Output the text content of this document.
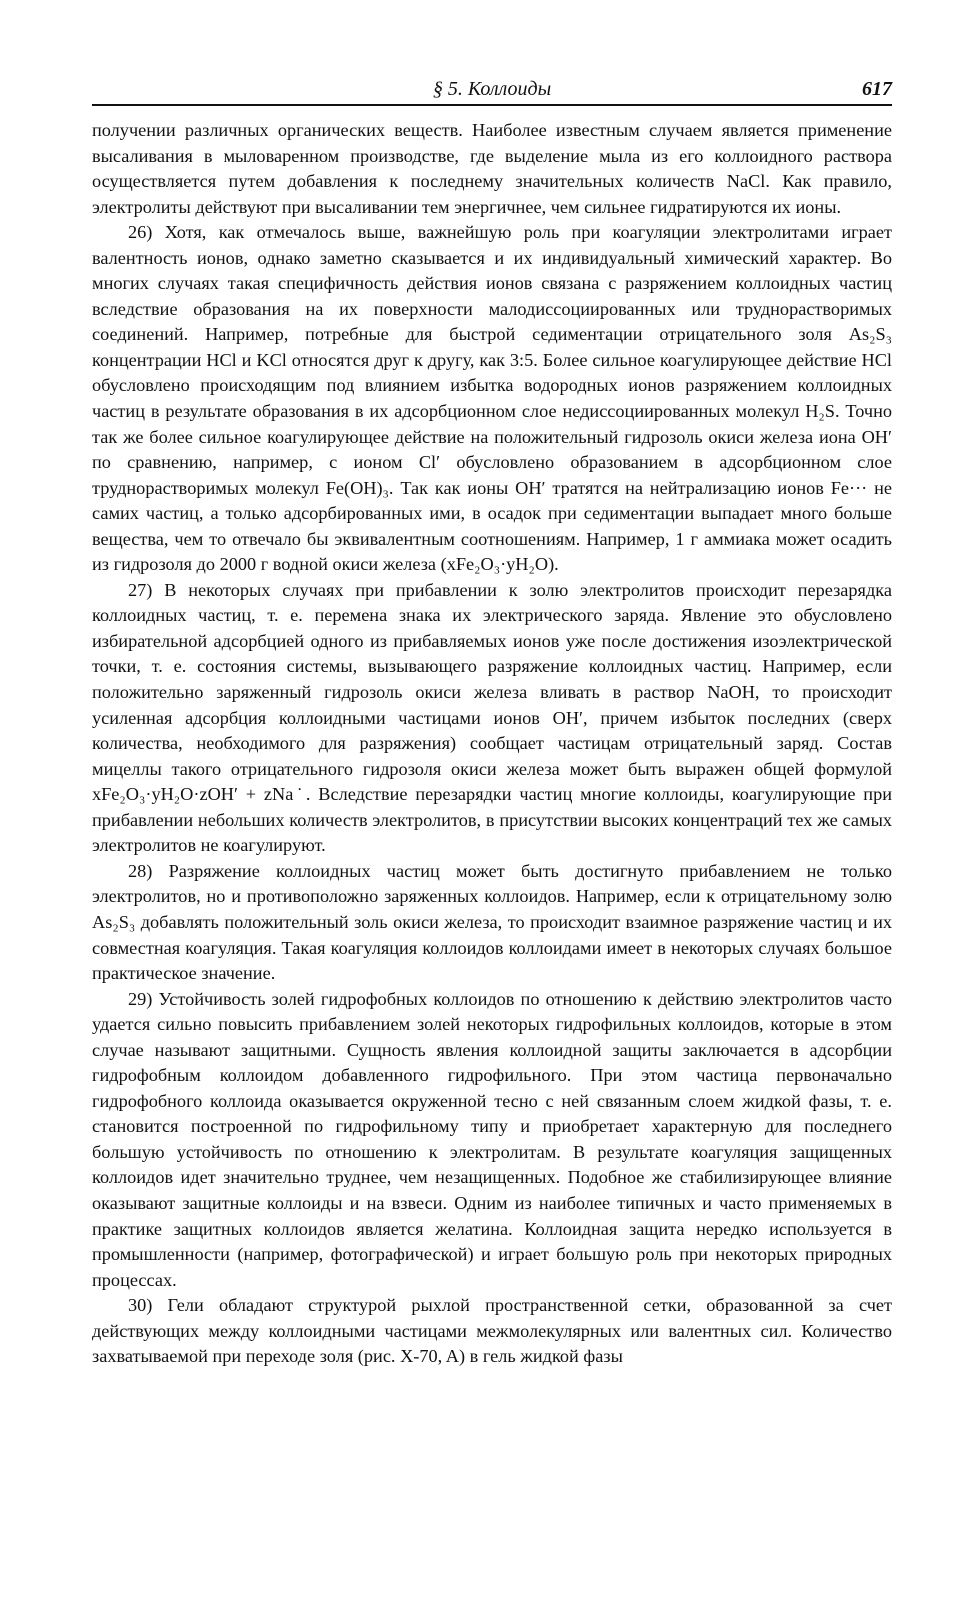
§ 5. Коллоиды	617

получении различных органических веществ. Наиболее известным случаем является применение высаливания в мыловаренном производстве, где выделение мыла из его коллоидного раствора осуществляется путем добавления к последнему значительных количеств NaCl. Как правило, электролиты действуют при высаливании тем энергичнее, чем сильнее гидратируются их ионы.

26) Хотя, как отмечалось выше, важнейшую роль при коагуляции электролитами играет валентность ионов, однако заметно сказывается и их индивидуальный химический характер. Во многих случаях такая специфичность действия ионов связана с разряжением коллоидных частиц вследствие образования на их поверхности малодиссоциированных или труднорастворимых соединений. Например, потребные для быстрой седиментации отрицательного золя As₂S₃ концентрации HCl и KCl относятся друг к другу, как 3:5. Более сильное коагулирующее действие HCl обусловлено происходящим под влиянием избытка водородных ионов разряжением коллоидных частиц в результате образования в их адсорбционном слое недиссоциированных молекул H₂S. Точно так же более сильное коагулирующее действие на положительный гидрозоль окиси железа иона OH′ по сравнению, например, с ионом Cl′ обусловлено образованием в адсорбционном слое труднорастворимых молекул Fe(OH)₃. Так как ионы OH′ тратятся на нейтрализацию ионов Fe··· не самих частиц, а только адсорбированных ими, в осадок при седиментации выпадает много больше вещества, чем то отвечало бы эквивалентным соотношениям. Например, 1 г аммиака может осадить из гидрозоля до 2000 г водной окиси железа (xFe₂O₃·yH₂O).

27) В некоторых случаях при прибавлении к золю электролитов происходит перезарядка коллоидных частиц, т. е. перемена знака их электрического заряда. Явление это обусловлено избирательной адсорбцией одного из прибавляемых ионов уже после достижения изоэлектрической точки, т. е. состояния системы, вызывающего разряжение коллоидных частиц. Например, если положительно заряженный гидрозоль окиси железа вливать в раствор NaOH, то происходит усиленная адсорбция коллоидными частицами ионов OH′, причем избыток последних (сверх количества, необходимого для разряжения) сообщает частицам отрицательный заряд. Состав мицеллы такого отрицательного гидрозоля окиси железа может быть выражен общей формулой xFe₂O₃·yH₂O·zOH′ + zNa˙. Вследствие перезарядки частиц многие коллоиды, коагулирующие при прибавлении небольших количеств электролитов, в присутствии высоких концентраций тех же самых электролитов не коагулируют.

28) Разряжение коллоидных частиц может быть достигнуто прибавлением не только электролитов, но и противоположно заряженных коллоидов. Например, если к отрицательному золю As₂S₃ добавлять положительный золь окиси железа, то происходит взаимное разряжение частиц и их совместная коагуляция. Такая коагуляция коллоидов коллоидами имеет в некоторых случаях большое практическое значение.

29) Устойчивость золей гидрофобных коллоидов по отношению к действию электролитов часто удается сильно повысить прибавлением золей некоторых гидрофильных коллоидов, которые в этом случае называют защитными. Сущность явления коллоидной защиты заключается в адсорбции гидрофобным коллоидом добавленного гидрофильного. При этом частица первоначально гидрофобного коллоида оказывается окруженной тесно с ней связанным слоем жидкой фазы, т. е. становится построенной по гидрофильному типу и приобретает характерную для последнего большую устойчивость по отношению к электролитам. В результате коагуляция защищенных коллоидов идет значительно труднее, чем незащищенных. Подобное же стабилизирующее влияние оказывают защитные коллоиды и на взвеси. Одним из наиболее типичных и часто применяемых в практике защитных коллоидов является желатина. Коллоидная защита нередко используется в промышленности (например, фотографической) и играет большую роль при некоторых природных процессах.

30) Гели обладают структурой рыхлой пространственной сетки, образованной за счет действующих между коллоидными частицами межмолекулярных или валентных сил. Количество захватываемой при переходе золя (рис. X-70, A) в гель жидкой фазы
